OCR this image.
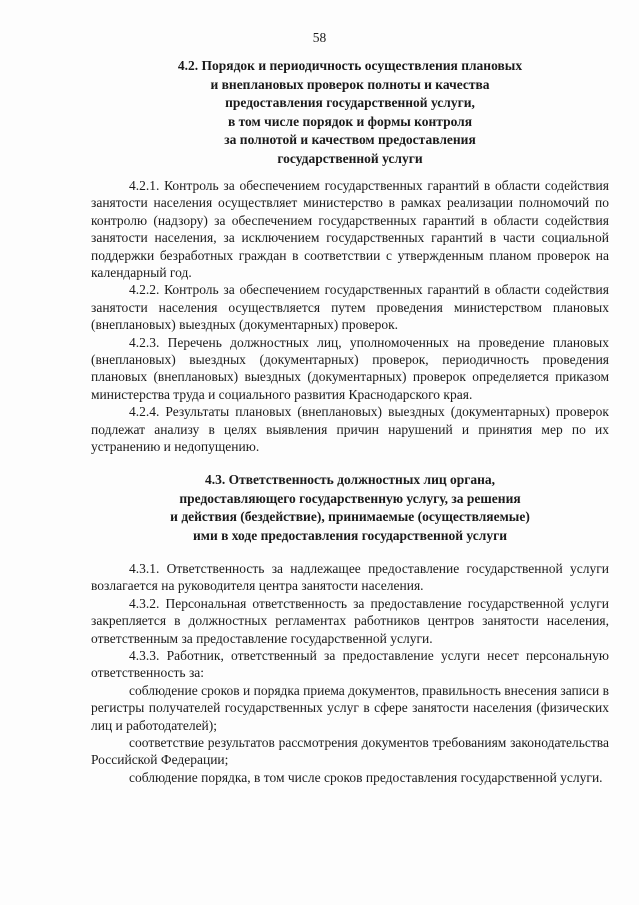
58
4.2. Порядок и периодичность осуществления плановых
и внеплановых проверок полноты и качества
предоставления государственной услуги,
в том числе порядок и формы контроля
за полнотой и качеством предоставления
государственной услуги

4.2.1. Контроль за обеспечением государственных гарантий в области содействия занятости населения осуществляет министерство в рамках реализации полномочий по контролю (надзору) за обеспечением государственных гарантий в области содействия занятости населения, за исключением государственных гарантий в части социальной поддержки безработных граждан в соответствии с утвержденным планом проверок на календарный год.

4.2.2. Контроль за обеспечением государственных гарантий в области содействия занятости населения осуществляется путем проведения министерством плановых (внеплановых) выездных (документарных) проверок.

4.2.3. Перечень должностных лиц, уполномоченных на проведение плановых (внеплановых) выездных (документарных) проверок, периодичность проведения плановых (внеплановых) выездных (документарных) проверок определяется приказом министерства труда и социального развития Краснодарского края.

4.2.4. Результаты плановых (внеплановых) выездных (документарных) проверок подлежат анализу в целях выявления причин нарушений и принятия мер по их устранению и недопущению.

4.3. Ответственность должностных лиц органа,
предоставляющего государственную услугу, за решения
и действия (бездействие), принимаемые (осуществляемые)
ими в ходе предоставления государственной услуги

4.3.1. Ответственность за надлежащее предоставление государственной услуги возлагается на руководителя центра занятости населения.

4.3.2. Персональная ответственность за предоставление государственной услуги закрепляется в должностных регламентах работников центров занятости населения, ответственным за предоставление государственной услуги.

4.3.3. Работник, ответственный за предоставление услуги несет персональную ответственность за:

соблюдение сроков и порядка приема документов, правильность внесения записи в регистры получателей государственных услуг в сфере занятости населения (физических лиц и работодателей);

соответствие результатов рассмотрения документов требованиям законодательства Российской Федерации;

соблюдение порядка, в том числе сроков предоставления государственной услуги.
